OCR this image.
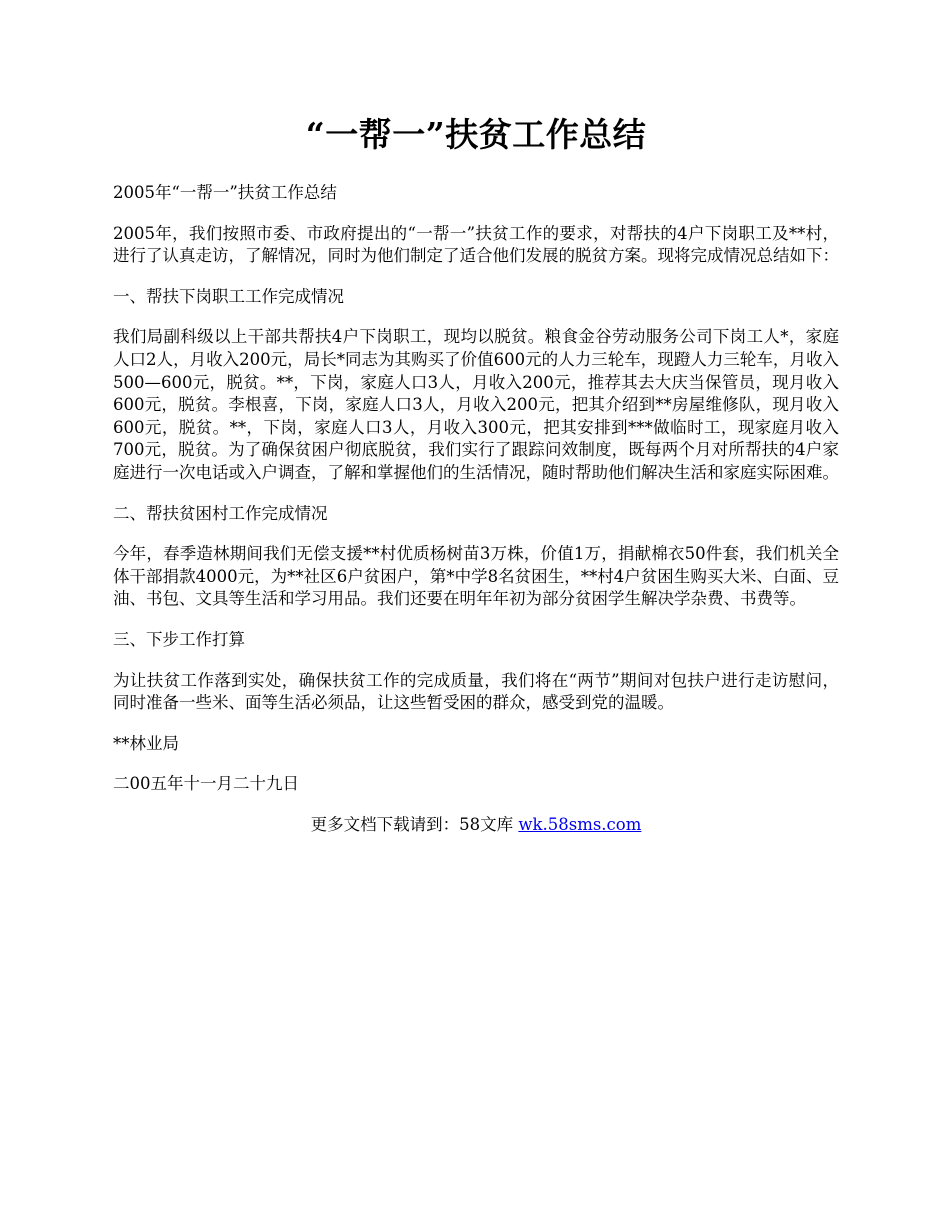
“一帮一”扶贫工作总结

2005年“一帮一”扶贫工作总结

2005年，我们按照市委、市政府提出的“一帮一”扶贫工作的要求，对帮扶的4户下岗职工及**村，进行了认真走访，了解情况，同时为他们制定了适合他们发展的脱贫方案。现将完成情况总结如下：

一、帮扶下岗职工工作完成情况

我们局副科级以上干部共帮扶4户下岗职工，现均以脱贫。粮食金谷劳动服务公司下岗工人*，家庭人口2人，月收入200元，局长*同志为其购买了价值600元的人力三轮车，现蹬人力三轮车，月收入500—600元，脱贫。**，下岗，家庭人口3人，月收入200元，推荐其去大庆当保管员，现月收入600元，脱贫。李根喜，下岗，家庭人口3人，月收入200元，把其介绍到**房屋维修队，现月收入600元，脱贫。**，下岗，家庭人口3人，月收入300元，把其安排到***做临时工，现家庭月收入700元，脱贫。为了确保贫困户彻底脱贫，我们实行了跟踪问效制度，既每两个月对所帮扶的4户家庭进行一次电话或入户调查，了解和掌握他们的生活情况，随时帮助他们解决生活和家庭实际困难。

二、帮扶贫困村工作完成情况

今年，春季造林期间我们无偿支援**村优质杨树苗3万株，价值1万，捐献棉衣50件套，我们机关全体干部捐款4000元，为**社区6户贫困户，第*中学8名贫困生，**村4户贫困生购买大米、白面、豆油、书包、文具等生活和学习用品。我们还要在明年年初为部分贫困学生解决学杂费、书费等。

三、下步工作打算

为让扶贫工作落到实处，确保扶贫工作的完成质量，我们将在“两节”期间对包扶户进行走访慰问，同时准备一些米、面等生活必须品，让这些暂受困的群众，感受到党的温暖。

**林业局

二00五年十一月二十九日

更多文档下载请到：58文库 wk.58sms.com
